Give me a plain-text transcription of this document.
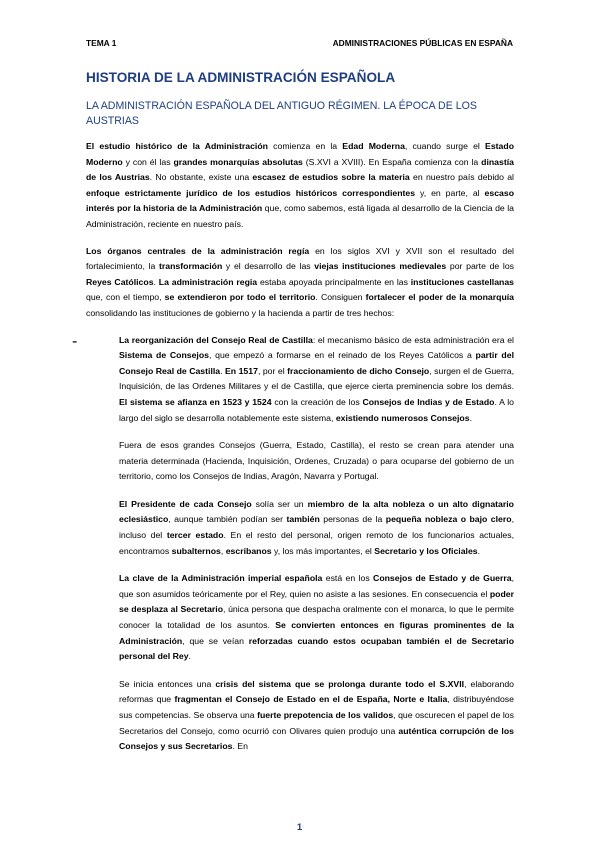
TEMA 1	ADMINISTRACIONES PÚBLICAS EN ESPAÑA
HISTORIA DE LA ADMINISTRACIÓN ESPAÑOLA
LA ADMINISTRACIÓN ESPAÑOLA DEL ANTIGUO RÉGIMEN. LA ÉPOCA DE LOS AUSTRIAS

El estudio histórico de la Administración comienza en la Edad Moderna, cuando surge el Estado Moderno y con él las grandes monarquías absolutas (S.XVI a XVIII). En España comienza con la dinastía de los Austrias. No obstante, existe una escasez de estudios sobre la materia en nuestro país debido al enfoque estrictamente jurídico de los estudios históricos correspondientes y, en parte, al escaso interés por la historia de la Administración que, como sabemos, está ligada al desarrollo de la Ciencia de la Administración, reciente en nuestro país.

Los órganos centrales de la administración regía en los siglos XVI y XVII son el resultado del fortalecimiento, la transformación y el desarrollo de las viejas instituciones medievales por parte de los Reyes Católicos. La administración regia estaba apoyada principalmente en las instituciones castellanas que, con el tiempo, se extendieron por todo el territorio. Consiguen fortalecer el poder de la monarquía consolidando las instituciones de gobierno y la hacienda a partir de tres hechos:

-	La reorganización del Consejo Real de Castilla: el mecanismo básico de esta administración era el Sistema de Consejos, que empezó a formarse en el reinado de los Reyes Católicos a partir del Consejo Real de Castilla. En 1517, por el fraccionamiento de dicho Consejo, surgen el de Guerra, Inquisición, de las Ordenes Militares y el de Castilla, que ejerce cierta preminencia sobre los demás. El sistema se afianza en 1523 y 1524 con la creación de los Consejos de Indias y de Estado. A lo largo del siglo se desarrolla notablemente este sistema, existiendo numerosos Consejos.

Fuera de esos grandes Consejos (Guerra, Estado, Castilla), el resto se crean para atender una materia determinada (Hacienda, Inquisición, Ordenes, Cruzada) o para ocuparse del gobierno de un territorio, como los Consejos de Indias, Aragón, Navarra y Portugal.

El Presidente de cada Consejo solía ser un miembro de la alta nobleza o un alto dignatario eclesiástico, aunque también podían ser también personas de la pequeña nobleza o bajo clero, incluso del tercer estado. En el resto del personal, origen remoto de los funcionarios actuales, encontramos subalternos, escribanos y, los más importantes, el Secretario y los Oficiales.

La clave de la Administración imperial española está en los Consejos de Estado y de Guerra, que son asumidos teóricamente por el Rey, quien no asiste a las sesiones. En consecuencia el poder se desplaza al Secretario, única persona que despacha oralmente con el monarca, lo que le permite conocer la totalidad de los asuntos. Se convierten entonces en figuras prominentes de la Administración, que se veían reforzadas cuando estos ocupaban también el de Secretario personal del Rey.

Se inicia entonces una crisis del sistema que se prolonga durante todo el S.XVII, elaborando reformas que fragmentan el Consejo de Estado en el de España, Norte e Italia, distribuyéndose sus competencias. Se observa una fuerte prepotencia de los validos, que oscurecen el papel de los Secretarios del Consejo, como ocurrió con Olivares quien produjo una auténtica corrupción de los Consejos y sus Secretarios. En

1
